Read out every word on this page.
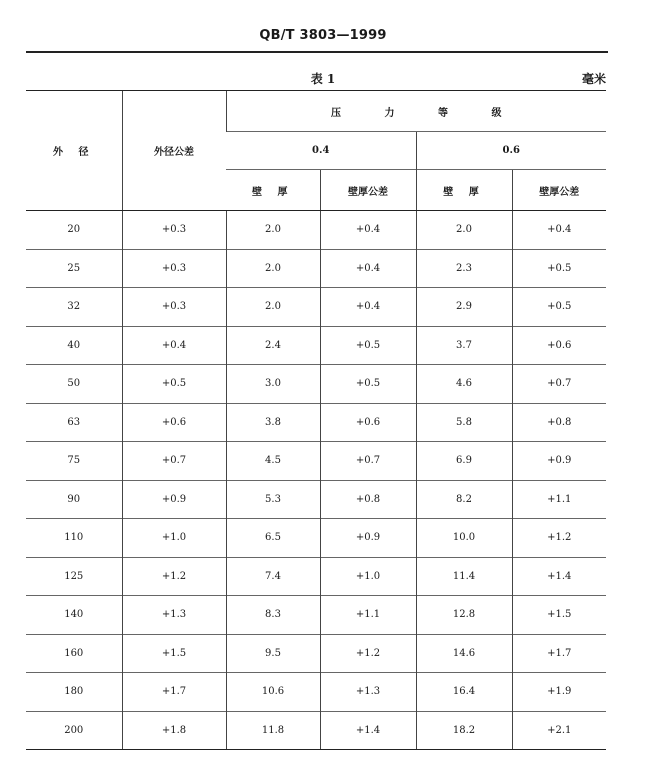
QB/T 3803—1999
表 1	毫米
外 径	外径公差	压 力 等 级			
		0.4		0.6	
		壁 厚	壁厚公差	壁 厚	壁厚公差
20	+0.3	2.0	+0.4	2.0	+0.4
25	+0.3	2.0	+0.4	2.3	+0.5
32	+0.3	2.0	+0.4	2.9	+0.5
40	+0.4	2.4	+0.5	3.7	+0.6
50	+0.5	3.0	+0.5	4.6	+0.7
63	+0.6	3.8	+0.6	5.8	+0.8
75	+0.7	4.5	+0.7	6.9	+0.9
90	+0.9	5.3	+0.8	8.2	+1.1
110	+1.0	6.5	+0.9	10.0	+1.2
125	+1.2	7.4	+1.0	11.4	+1.4
140	+1.3	8.3	+1.1	12.8	+1.5
160	+1.5	9.5	+1.2	14.6	+1.7
180	+1.7	10.6	+1.3	16.4	+1.9
200	+1.8	11.8	+1.4	18.2	+2.1
